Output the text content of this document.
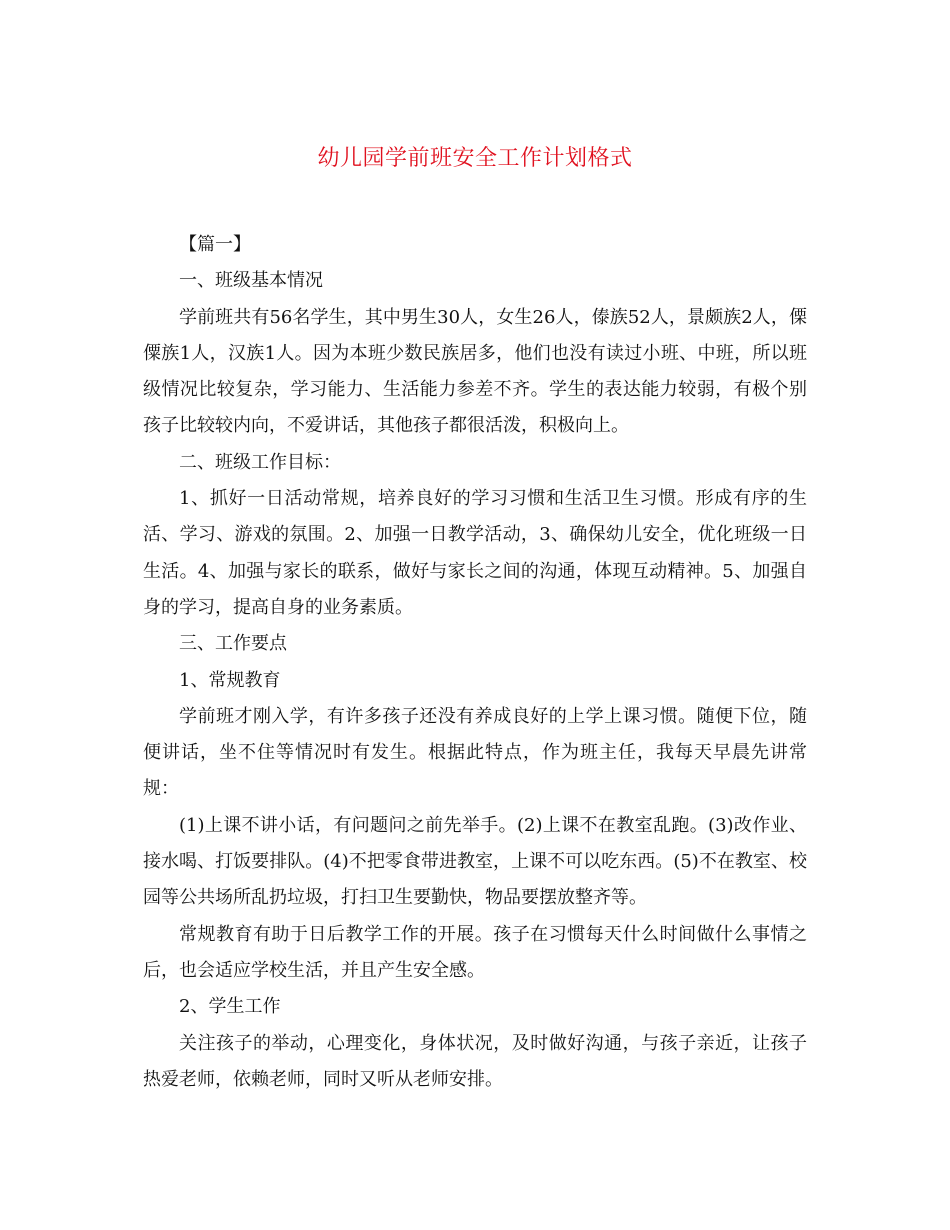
幼儿园学前班安全工作计划格式

【篇一】

一、班级基本情况

学前班共有56名学生，其中男生30人，女生26人，傣族52人，景颇族2人，傈僳族1人，汉族1人。因为本班少数民族居多，他们也没有读过小班、中班，所以班级情况比较复杂，学习能力、生活能力参差不齐。学生的表达能力较弱，有极个别孩子比较较内向，不爱讲话，其他孩子都很活泼，积极向上。

二、班级工作目标：

1、抓好一日活动常规，培养良好的学习习惯和生活卫生习惯。形成有序的生活、学习、游戏的氛围。2、加强一日教学活动，3、确保幼儿安全，优化班级一日生活。4、加强与家长的联系，做好与家长之间的沟通，体现互动精神。5、加强自身的学习，提高自身的业务素质。

三、工作要点

1、常规教育

学前班才刚入学，有许多孩子还没有养成良好的上学上课习惯。随便下位，随便讲话，坐不住等情况时有发生。根据此特点，作为班主任，我每天早晨先讲常规：

(1)上课不讲小话，有问题问之前先举手。(2)上课不在教室乱跑。(3)改作业、接水喝、打饭要排队。(4)不把零食带进教室，上课不可以吃东西。(5)不在教室、校园等公共场所乱扔垃圾，打扫卫生要勤快，物品要摆放整齐等。

常规教育有助于日后教学工作的开展。孩子在习惯每天什么时间做什么事情之后，也会适应学校生活，并且产生安全感。

2、学生工作

关注孩子的举动，心理变化，身体状况，及时做好沟通，与孩子亲近，让孩子热爱老师，依赖老师，同时又听从老师安排。
